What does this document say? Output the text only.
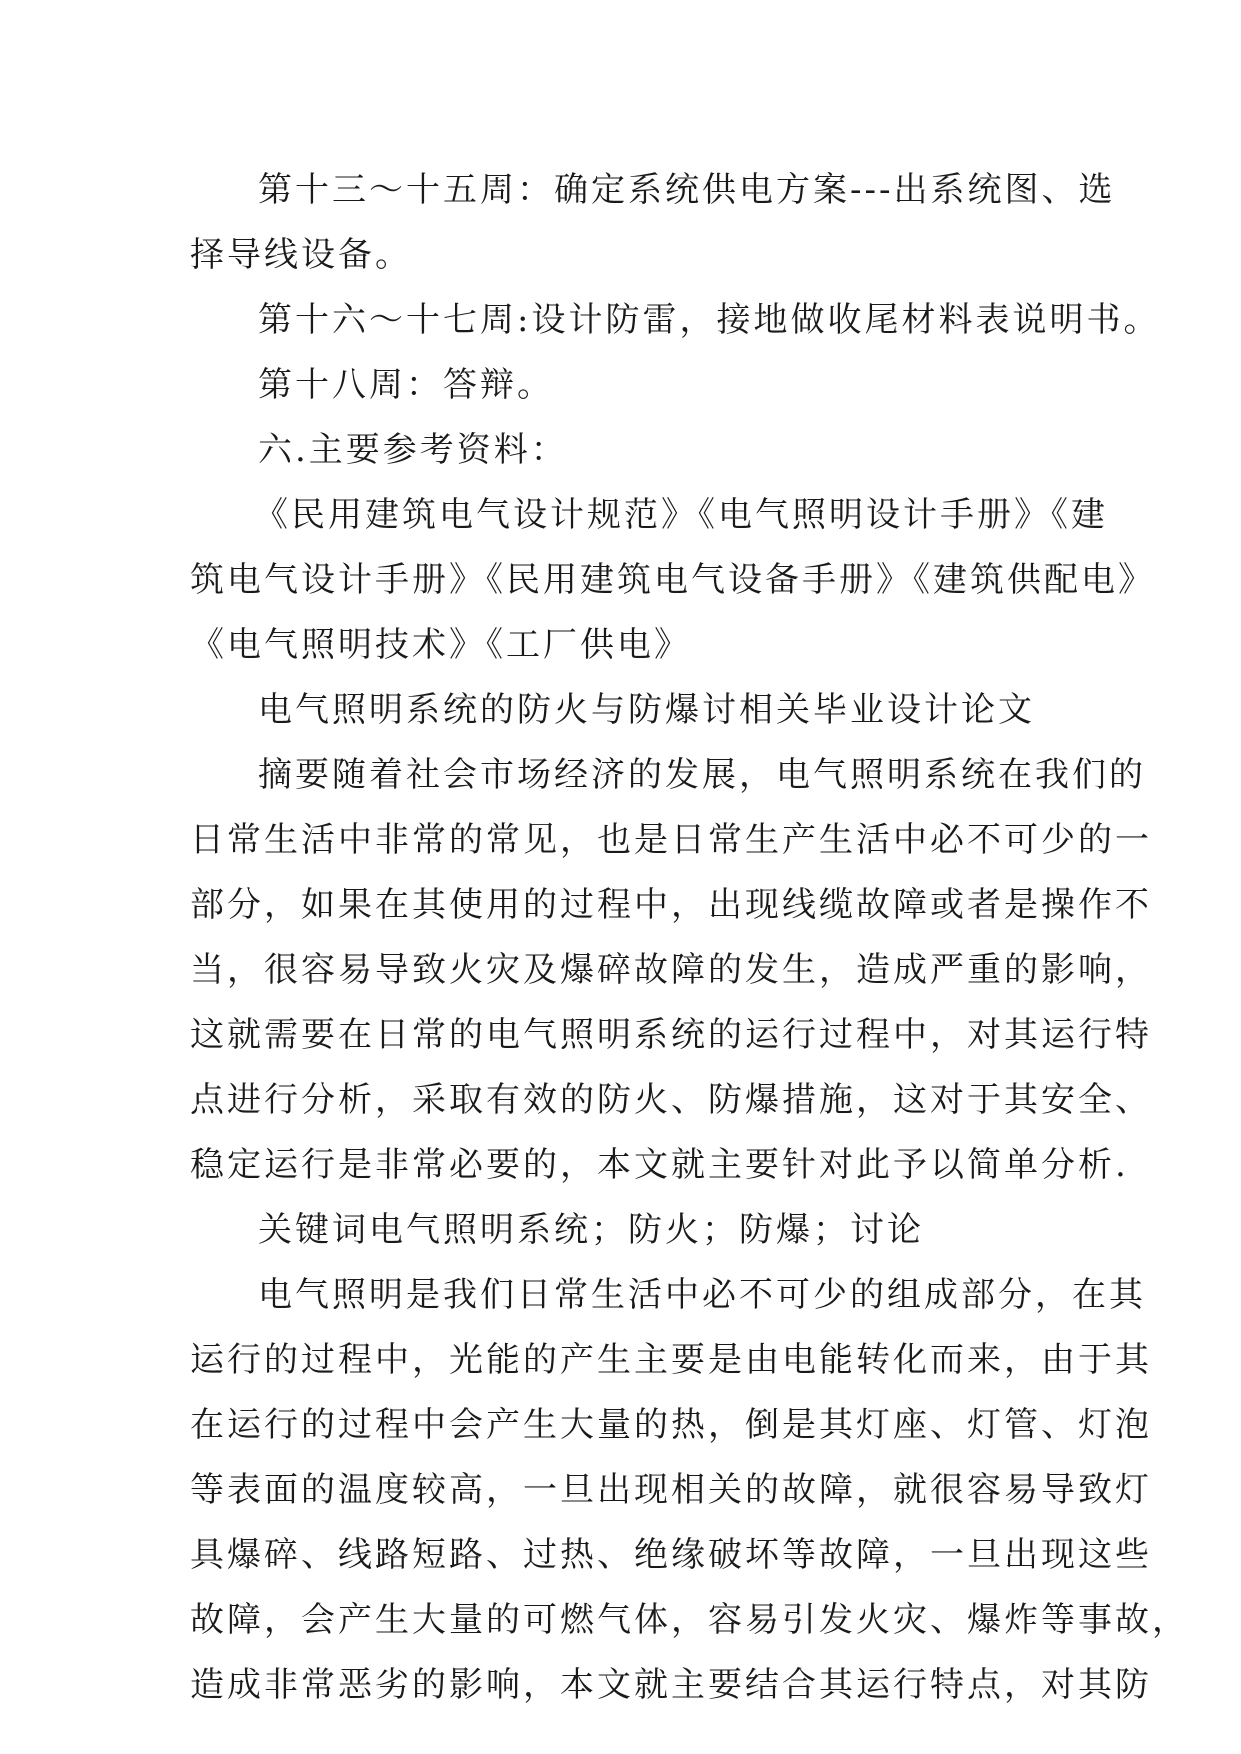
第十三～十五周：确定系统供电方案---出系统图、选
择导线设备。
第十六～十七周:设计防雷，接地做收尾材料表说明书。
第十八周：答辩。
六.主要参考资料：
《民用建筑电气设计规范》《电气照明设计手册》《建
筑电气设计手册》《民用建筑电气设备手册》《建筑供配电》
《电气照明技术》《工厂供电》
电气照明系统的防火与防爆讨相关毕业设计论文
摘要随着社会市场经济的发展，电气照明系统在我们的
日常生活中非常的常见，也是日常生产生活中必不可少的一
部分，如果在其使用的过程中，出现线缆故障或者是操作不
当，很容易导致火灾及爆碎故障的发生，造成严重的影响，
这就需要在日常的电气照明系统的运行过程中，对其运行特
点进行分析，采取有效的防火、防爆措施，这对于其安全、
稳定运行是非常必要的，本文就主要针对此予以简单分析.
关键词电气照明系统；防火；防爆；讨论
电气照明是我们日常生活中必不可少的组成部分，在其
运行的过程中，光能的产生主要是由电能转化而来，由于其
在运行的过程中会产生大量的热，倒是其灯座、灯管、灯泡
等表面的温度较高，一旦出现相关的故障，就很容易导致灯
具爆碎、线路短路、过热、绝缘破坏等故障，一旦出现这些
故障，会产生大量的可燃气体，容易引发火灾、爆炸等事故，
造成非常恶劣的影响，本文就主要结合其运行特点，对其防
